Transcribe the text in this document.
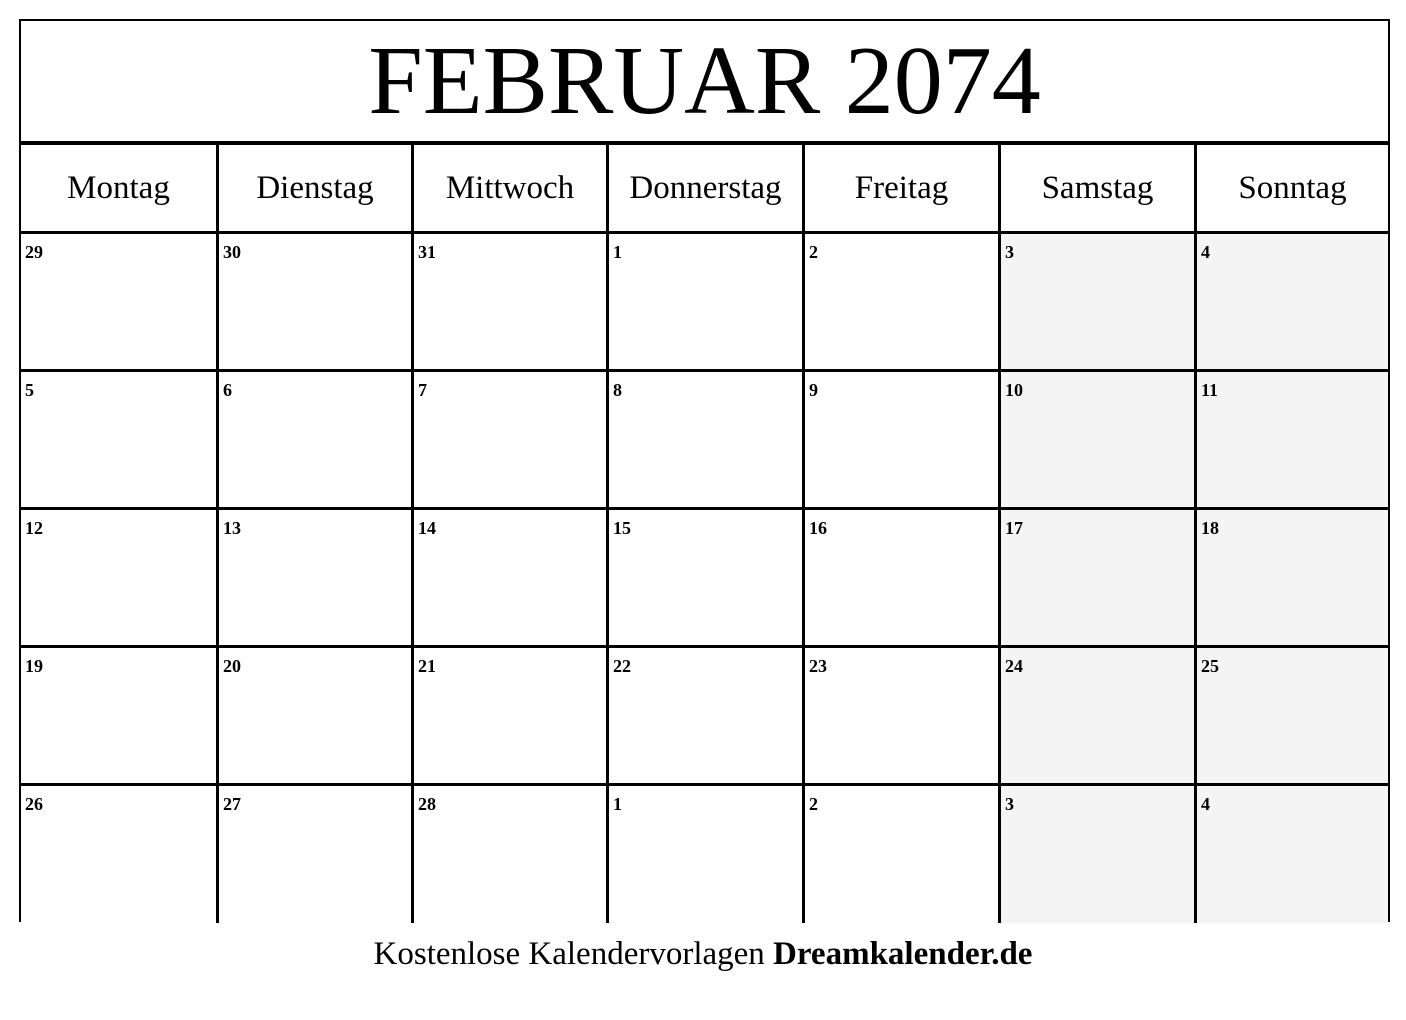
FEBRUAR 2074
Montag	Dienstag	Mittwoch	Donnerstag	Freitag	Samstag	Sonntag
29	30	31	1	2	3	4
5	6	7	8	9	10	11
12	13	14	15	16	17	18
19	20	21	22	23	24	25
26	27	28	1	2	3	4
Kostenlose Kalendervorlagen Dreamkalender.de
